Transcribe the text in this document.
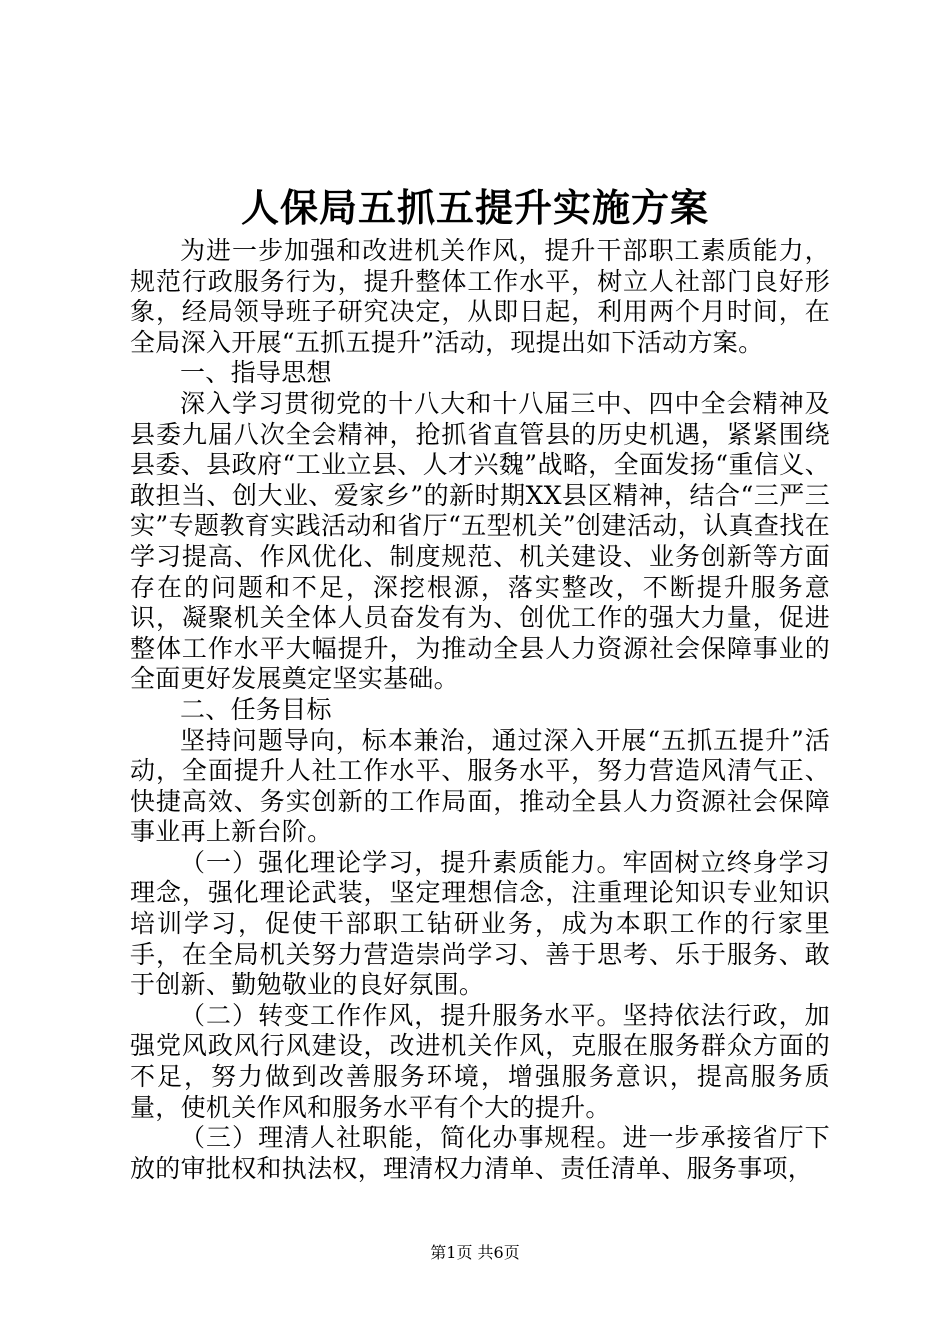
人保局五抓五提升实施方案

为进一步加强和改进机关作风，提升干部职工素质能力，规范行政服务行为，提升整体工作水平，树立人社部门良好形象，经局领导班子研究决定，从即日起，利用两个月时间，在全局深入开展“五抓五提升”活动，现提出如下活动方案。

一、指导思想

深入学习贯彻党的十八大和十八届三中、四中全会精神及县委九届八次全会精神，抢抓省直管县的历史机遇，紧紧围绕县委、县政府“工业立县、人才兴魏”战略，全面发扬“重信义、敢担当、创大业、爱家乡”的新时期XX县区精神，结合“三严三实”专题教育实践活动和省厅“五型机关”创建活动，认真查找在学习提高、作风优化、制度规范、机关建设、业务创新等方面存在的问题和不足，深挖根源，落实整改，不断提升服务意识，凝聚机关全体人员奋发有为、创优工作的强大力量，促进整体工作水平大幅提升，为推动全县人力资源社会保障事业的全面更好发展奠定坚实基础。

二、任务目标

坚持问题导向，标本兼治，通过深入开展“五抓五提升”活动，全面提升人社工作水平、服务水平，努力营造风清气正、快捷高效、务实创新的工作局面，推动全县人力资源社会保障事业再上新台阶。

（一）强化理论学习，提升素质能力。牢固树立终身学习理念，强化理论武装，坚定理想信念，注重理论知识专业知识培训学习，促使干部职工钻研业务，成为本职工作的行家里手，在全局机关努力营造崇尚学习、善于思考、乐于服务、敢于创新、勤勉敬业的良好氛围。

（二）转变工作作风，提升服务水平。坚持依法行政，加强党风政风行风建设，改进机关作风，克服在服务群众方面的不足，努力做到改善服务环境，增强服务意识，提高服务质量，使机关作风和服务水平有个大的提升。

（三）理清人社职能，简化办事规程。进一步承接省厅下放的审批权和执法权，理清权力清单、责任清单、服务事项，

第1页 共6页
